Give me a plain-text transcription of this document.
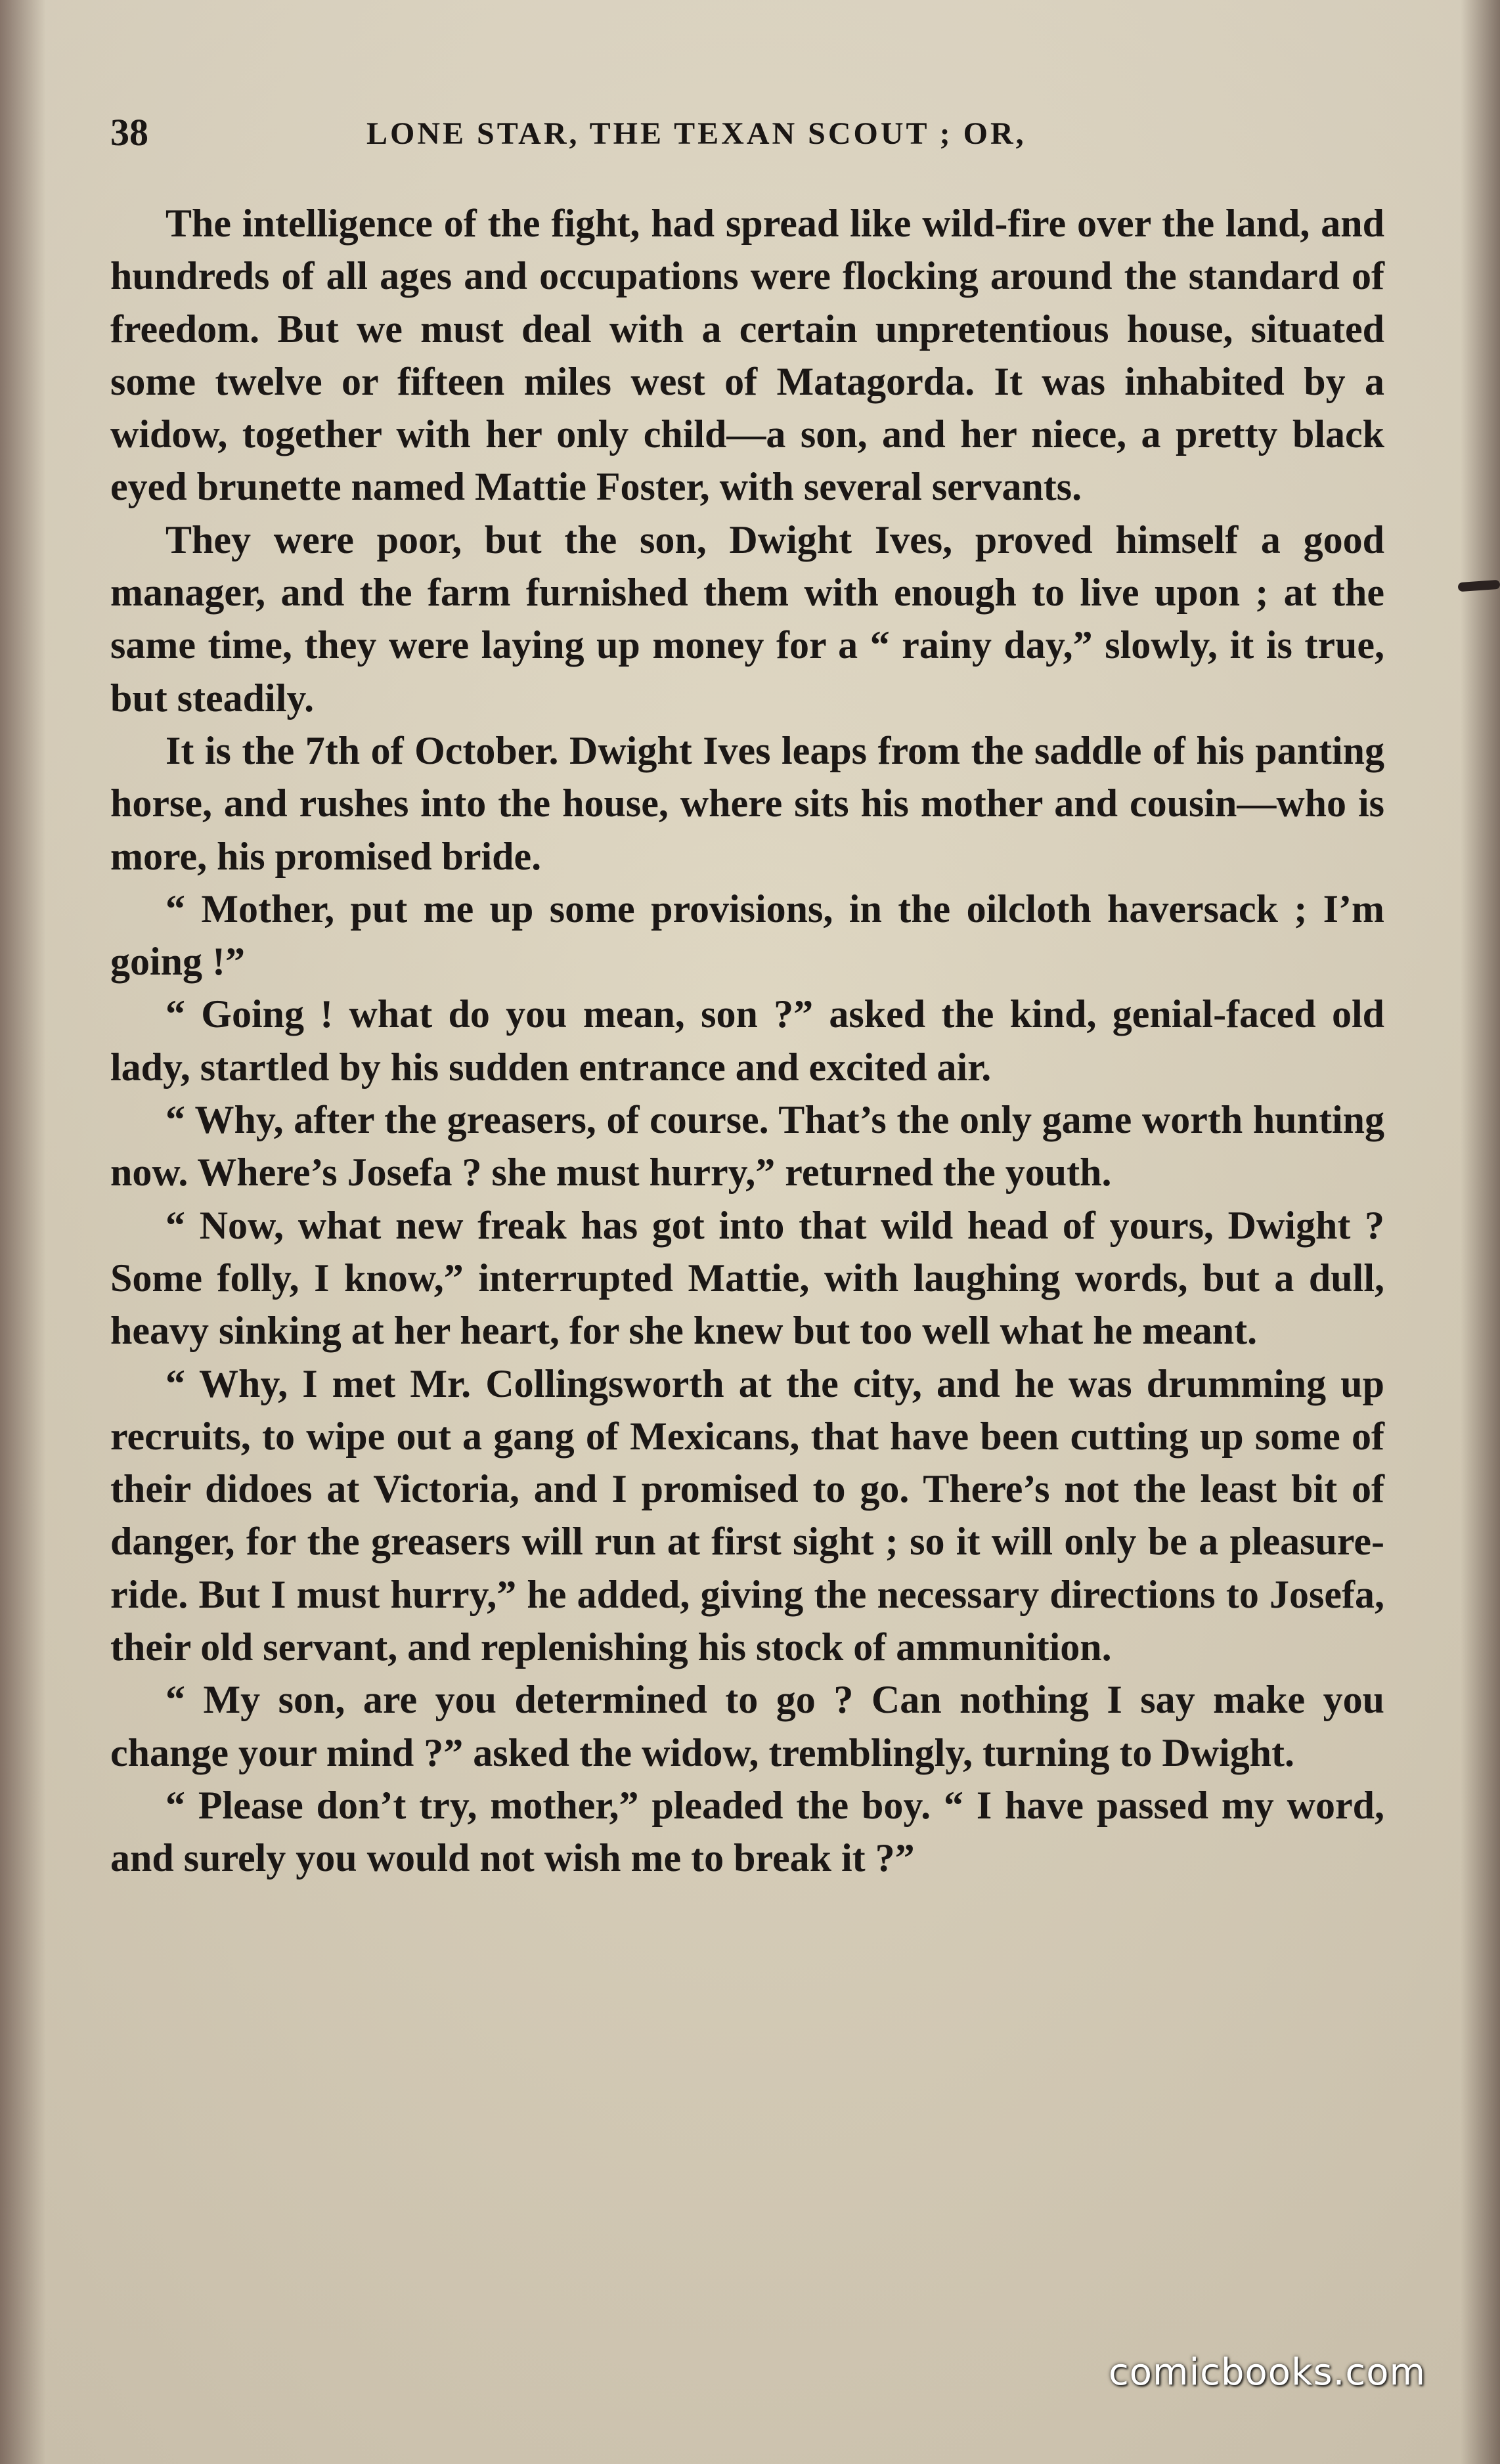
38	LONE STAR, THE TEXAN SCOUT ; OR,

The intelligence of the fight, had spread like wild-fire over the land, and hundreds of all ages and occupations were flocking around the standard of freedom. But we must deal with a certain unpretentious house, situated some twelve or fifteen miles west of Matagorda. It was inhabited by a widow, together with her only child—a son, and her niece, a pretty black eyed brunette named Mattie Foster, with several servants.

They were poor, but the son, Dwight Ives, proved himself a good manager, and the farm furnished them with enough to live upon ; at the same time, they were laying up money for a “ rainy day,” slowly, it is true, but steadily.

It is the 7th of October. Dwight Ives leaps from the saddle of his panting horse, and rushes into the house, where sits his mother and cousin—who is more, his promised bride.

“ Mother, put me up some provisions, in the oilcloth haversack ; I’m going !”

“ Going ! what do you mean, son ?” asked the kind, genial-faced old lady, startled by his sudden entrance and excited air.

“ Why, after the greasers, of course. That’s the only game worth hunting now. Where’s Josefa ? she must hurry,” returned the youth.

“ Now, what new freak has got into that wild head of yours, Dwight ? Some folly, I know,” interrupted Mattie, with laughing words, but a dull, heavy sinking at her heart, for she knew but too well what he meant.

“ Why, I met Mr. Collingsworth at the city, and he was drumming up recruits, to wipe out a gang of Mexicans, that have been cutting up some of their didoes at Victoria, and I promised to go. There’s not the least bit of danger, for the greasers will run at first sight ; so it will only be a pleasure-ride. But I must hurry,” he added, giving the necessary directions to Josefa, their old servant, and replenishing his stock of ammunition.

“ My son, are you determined to go ? Can nothing I say make you change your mind ?” asked the widow, tremblingly, turning to Dwight.

“ Please don’t try, mother,” pleaded the boy. “ I have passed my word, and surely you would not wish me to break it ?”

comicbooks.com
